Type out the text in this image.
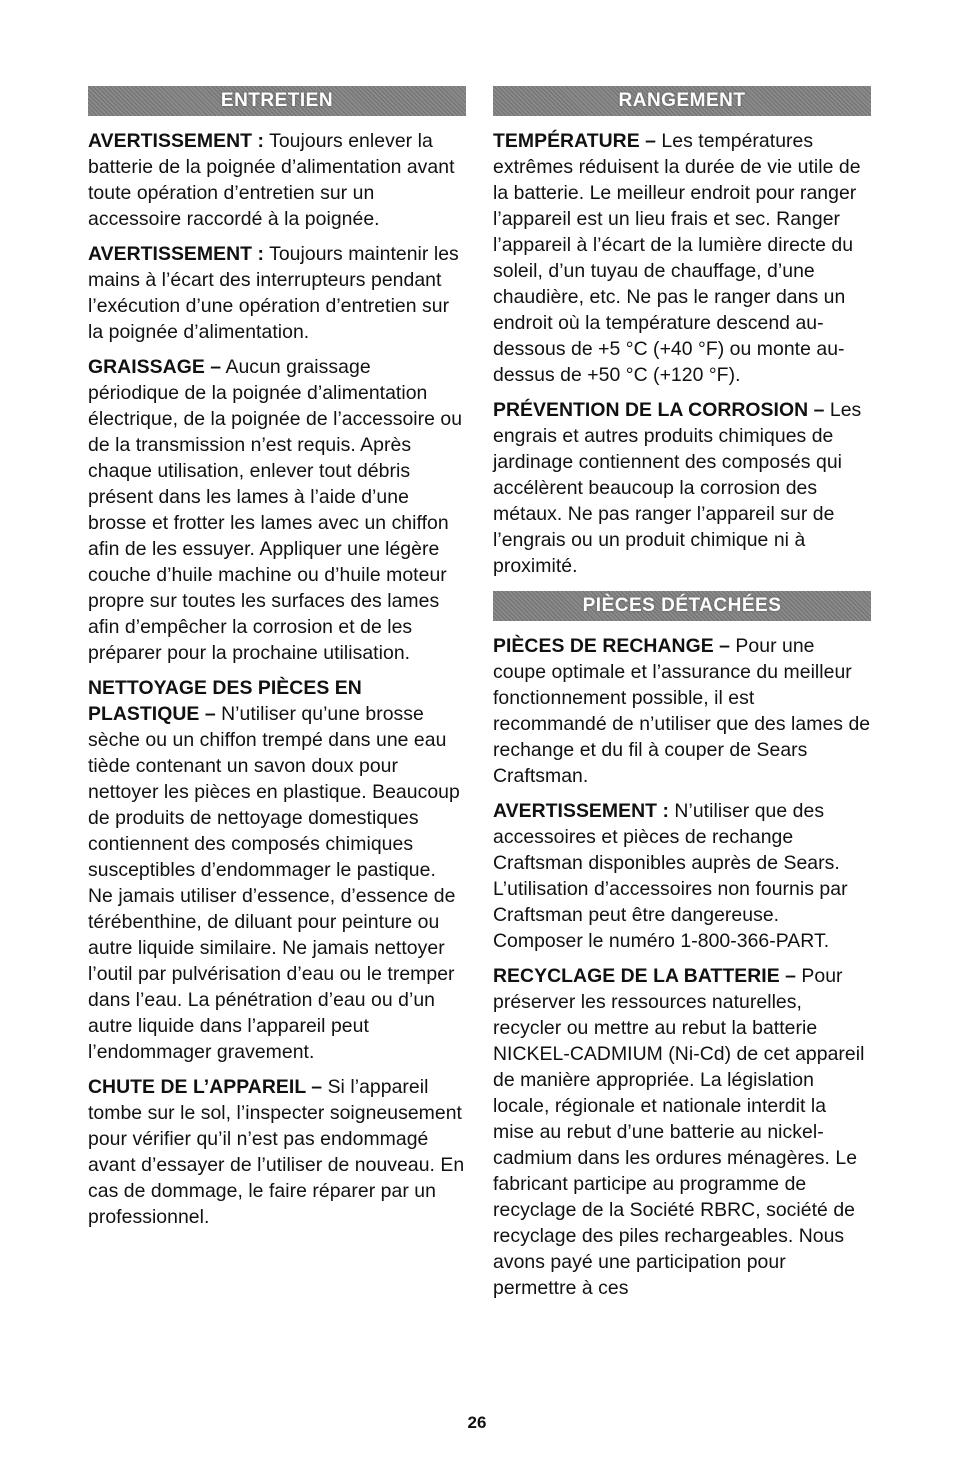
ENTRETIEN

AVERTISSEMENT : Toujours enlever la batterie de la poignée d’alimentation avant toute opération d’entretien sur un accessoire raccordé à la poignée.

AVERTISSEMENT : Toujours maintenir les mains à l’écart des interrupteurs pendant l’exécution d’une opération d’entretien sur la poignée d’alimentation.

GRAISSAGE – Aucun graissage périodique de la poignée d’alimentation électrique, de la poignée de l’accessoire ou de la transmission n’est requis. Après chaque utilisation, enlever tout débris présent dans les lames à l’aide d’une brosse et frotter les lames avec un chiffon afin de les essuyer. Appliquer une légère couche d’huile machine ou d’huile moteur propre sur toutes les surfaces des lames afin d’empêcher la corrosion et de les préparer pour la prochaine utilisation.

NETTOYAGE DES PIÈCES EN PLASTIQUE – N’utiliser qu’une brosse sèche ou un chiffon trempé dans une eau tiède contenant un savon doux pour nettoyer les pièces en plastique. Beaucoup de produits de nettoyage domestiques contiennent des composés chimiques susceptibles d’endommager le pastique. Ne jamais utiliser d’essence, d’essence de térébenthine, de diluant pour peinture ou autre liquide similaire. Ne jamais nettoyer l’outil par pulvérisation d’eau ou le tremper dans l’eau. La pénétration d’eau ou d’un autre liquide dans l’appareil peut l’endommager gravement.

CHUTE DE L’APPAREIL – Si l’appareil tombe sur le sol, l’inspecter soigneusement pour vérifier qu’il n’est pas endommagé avant d’essayer de l’utiliser de nouveau. En cas de dommage, le faire réparer par un professionnel.

RANGEMENT

TEMPÉRATURE – Les températures extrêmes réduisent la durée de vie utile de la batterie. Le meilleur endroit pour ranger l’appareil est un lieu frais et sec. Ranger l’appareil à l’écart de la lumière directe du soleil, d’un tuyau de chauffage, d’une chaudière, etc. Ne pas le ranger dans un endroit où la température descend au-dessous de +5 °C (+40 °F) ou monte au-dessus de +50 °C (+120 °F).

PRÉVENTION DE LA CORROSION – Les engrais et autres produits chimiques de jardinage contiennent des composés qui accélèrent beaucoup la corrosion des métaux. Ne pas ranger l’appareil sur de l’engrais ou un produit chimique ni à proximité.

PIÈCES DÉTACHÉES

PIÈCES DE RECHANGE – Pour une coupe optimale et l’assurance du meilleur fonctionnement possible, il est recommandé de n’utiliser que des lames de rechange et du fil à couper de Sears Craftsman.

AVERTISSEMENT : N’utiliser que des accessoires et pièces de rechange Craftsman disponibles auprès de Sears. L’utilisation d’accessoires non fournis par Craftsman peut être dangereuse. Composer le numéro 1-800-366-PART.

RECYCLAGE DE LA BATTERIE – Pour préserver les ressources naturelles, recycler ou mettre au rebut la batterie NICKEL-CADMIUM (Ni-Cd) de cet appareil de manière appropriée. La législation locale, régionale et nationale interdit la mise au rebut d’une batterie au nickel-cadmium dans les ordures ménagères. Le fabricant participe au programme de recyclage de la Société RBRC, société de recyclage des piles rechargeables. Nous avons payé une participation pour permettre à ces

26
